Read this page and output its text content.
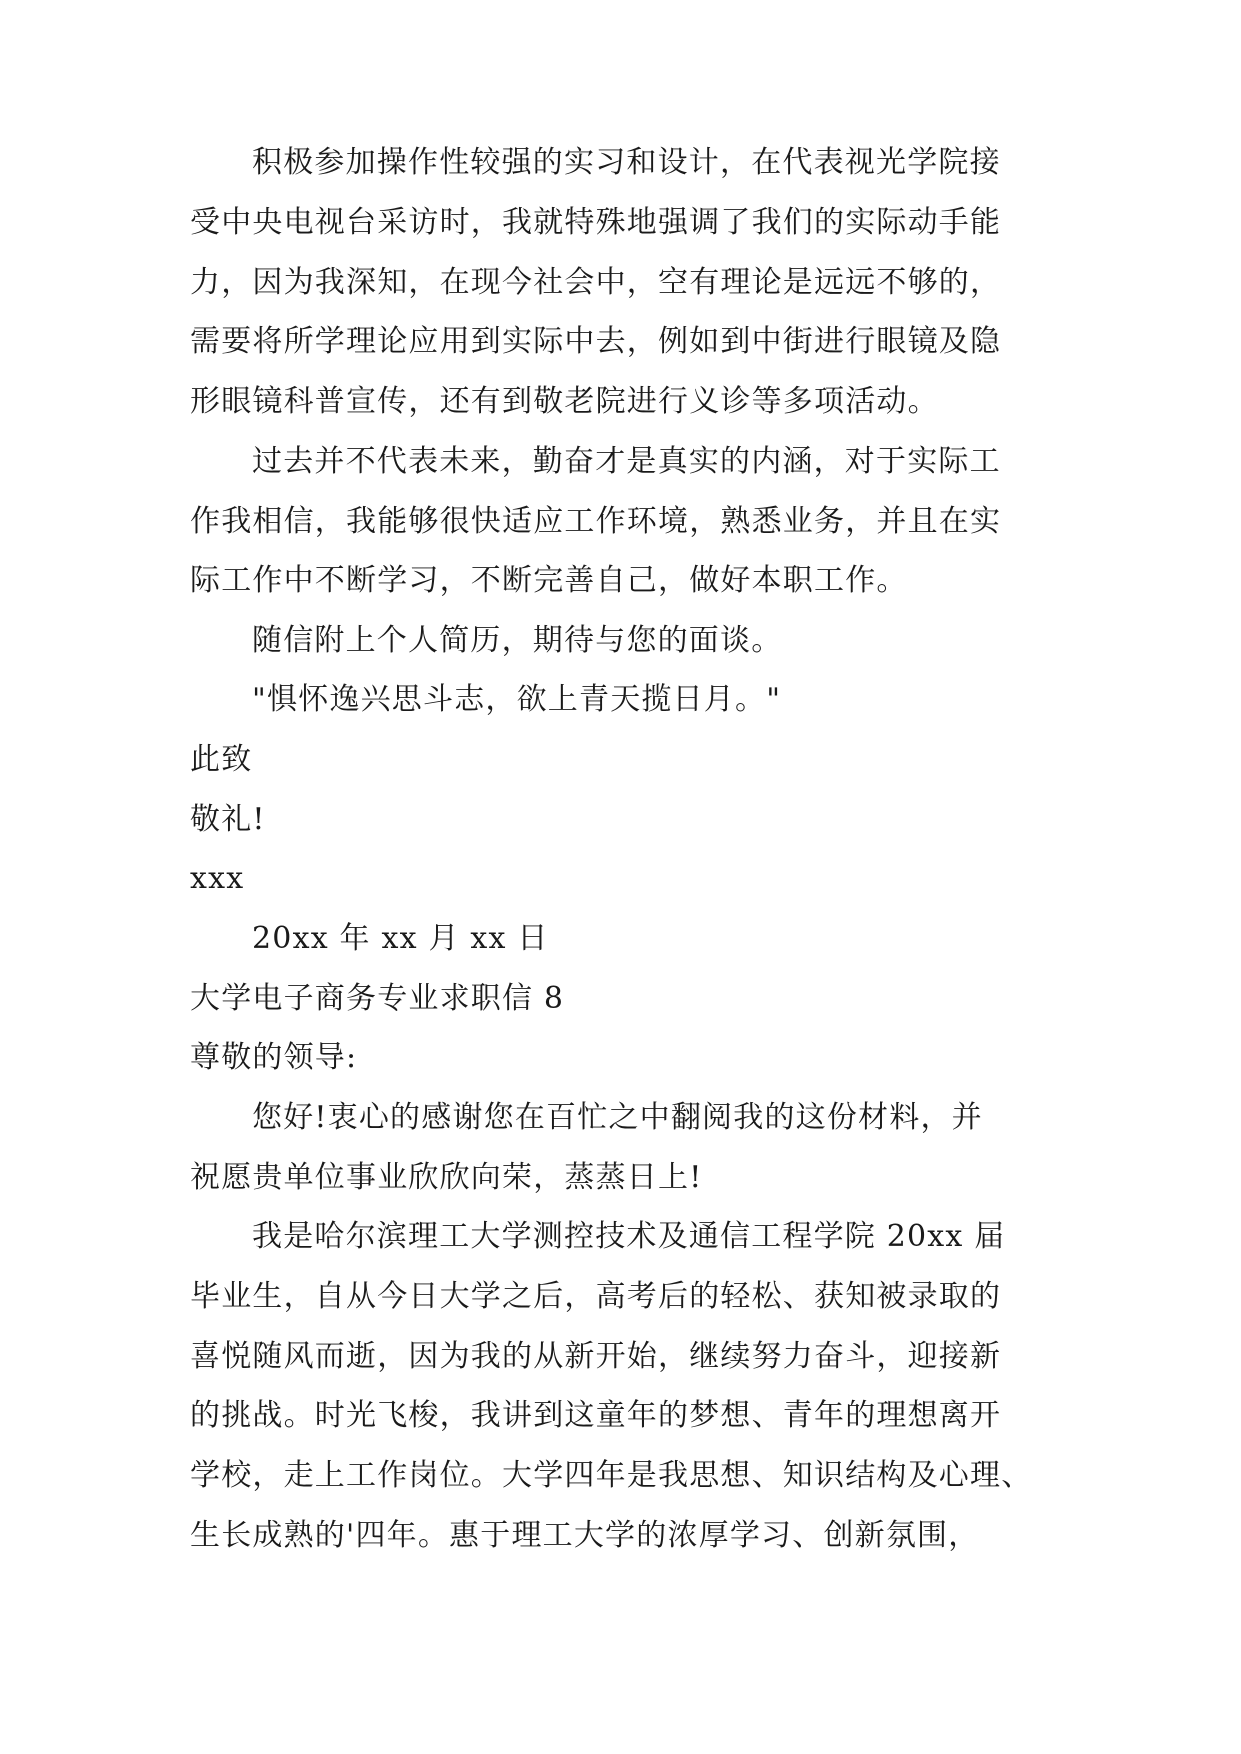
积极参加操作性较强的实习和设计，在代表视光学院接
受中央电视台采访时，我就特殊地强调了我们的实际动手能
力，因为我深知，在现今社会中，空有理论是远远不够的，
需要将所学理论应用到实际中去，例如到中街进行眼镜及隐
形眼镜科普宣传，还有到敬老院进行义诊等多项活动。
过去并不代表未来，勤奋才是真实的内涵，对于实际工
作我相信，我能够很快适应工作环境，熟悉业务，并且在实
际工作中不断学习，不断完善自己，做好本职工作。
随信附上个人简历，期待与您的面谈。
"惧怀逸兴思斗志，欲上青天揽日月。"
此致
敬礼!
xxx
20xx 年 xx 月 xx 日
大学电子商务专业求职信 8
尊敬的领导:
您好!衷心的感谢您在百忙之中翻阅我的这份材料，并
祝愿贵单位事业欣欣向荣，蒸蒸日上!
我是哈尔滨理工大学测控技术及通信工程学院 20xx 届
毕业生，自从今日大学之后，高考后的轻松、获知被录取的
喜悦随风而逝，因为我的从新开始，继续努力奋斗，迎接新
的挑战。时光飞梭，我讲到这童年的梦想、青年的理想离开
学校，走上工作岗位。大学四年是我思想、知识结构及心理、
生长成熟的'四年。惠于理工大学的浓厚学习、创新氛围，
